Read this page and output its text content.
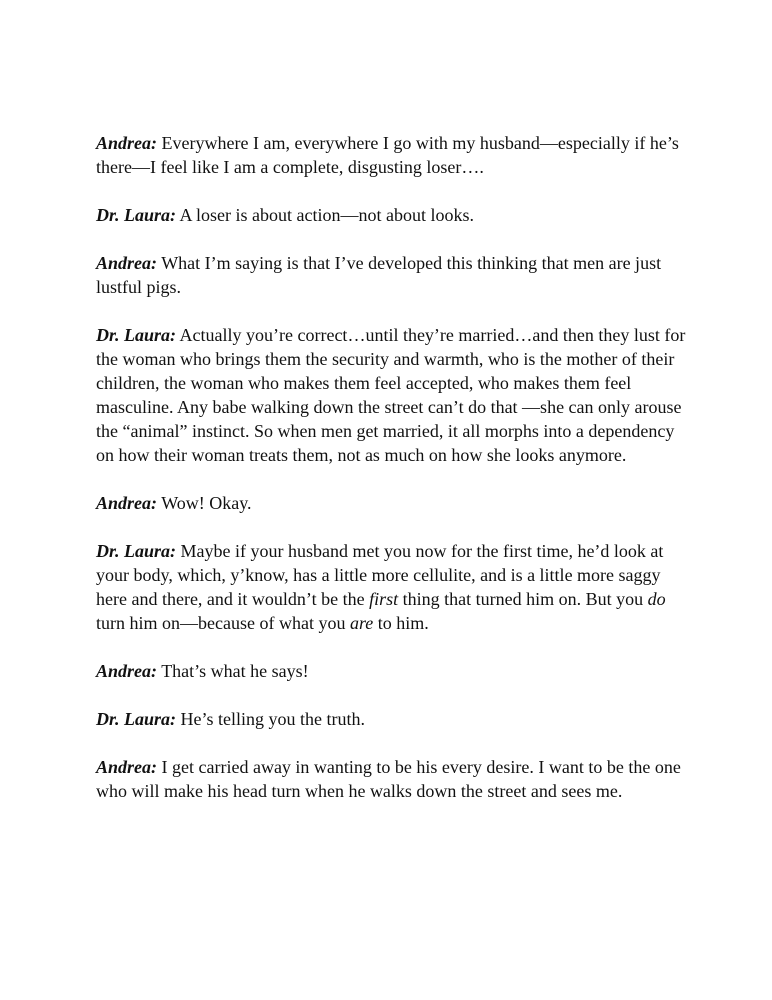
Andrea: Everywhere I am, everywhere I go with my husband—especially if he’s there—I feel like I am a complete, disgusting loser….

Dr. Laura: A loser is about action—not about looks.

Andrea: What I’m saying is that I’ve developed this thinking that men are just lustful pigs.

Dr. Laura: Actually you’re correct…until they’re married…and then they lust for the woman who brings them the security and warmth, who is the mother of their children, the woman who makes them feel accepted, who makes them feel masculine. Any babe walking down the street can’t do that —she can only arouse the “animal” instinct. So when men get married, it all morphs into a dependency on how their woman treats them, not as much on how she looks anymore.

Andrea: Wow! Okay.

Dr. Laura: Maybe if your husband met you now for the first time, he’d look at your body, which, y’know, has a little more cellulite, and is a little more saggy here and there, and it wouldn’t be the first thing that turned him on. But you do turn him on—because of what you are to him.

Andrea: That’s what he says!

Dr. Laura: He’s telling you the truth.

Andrea: I get carried away in wanting to be his every desire. I want to be the one who will make his head turn when he walks down the street and sees me.
